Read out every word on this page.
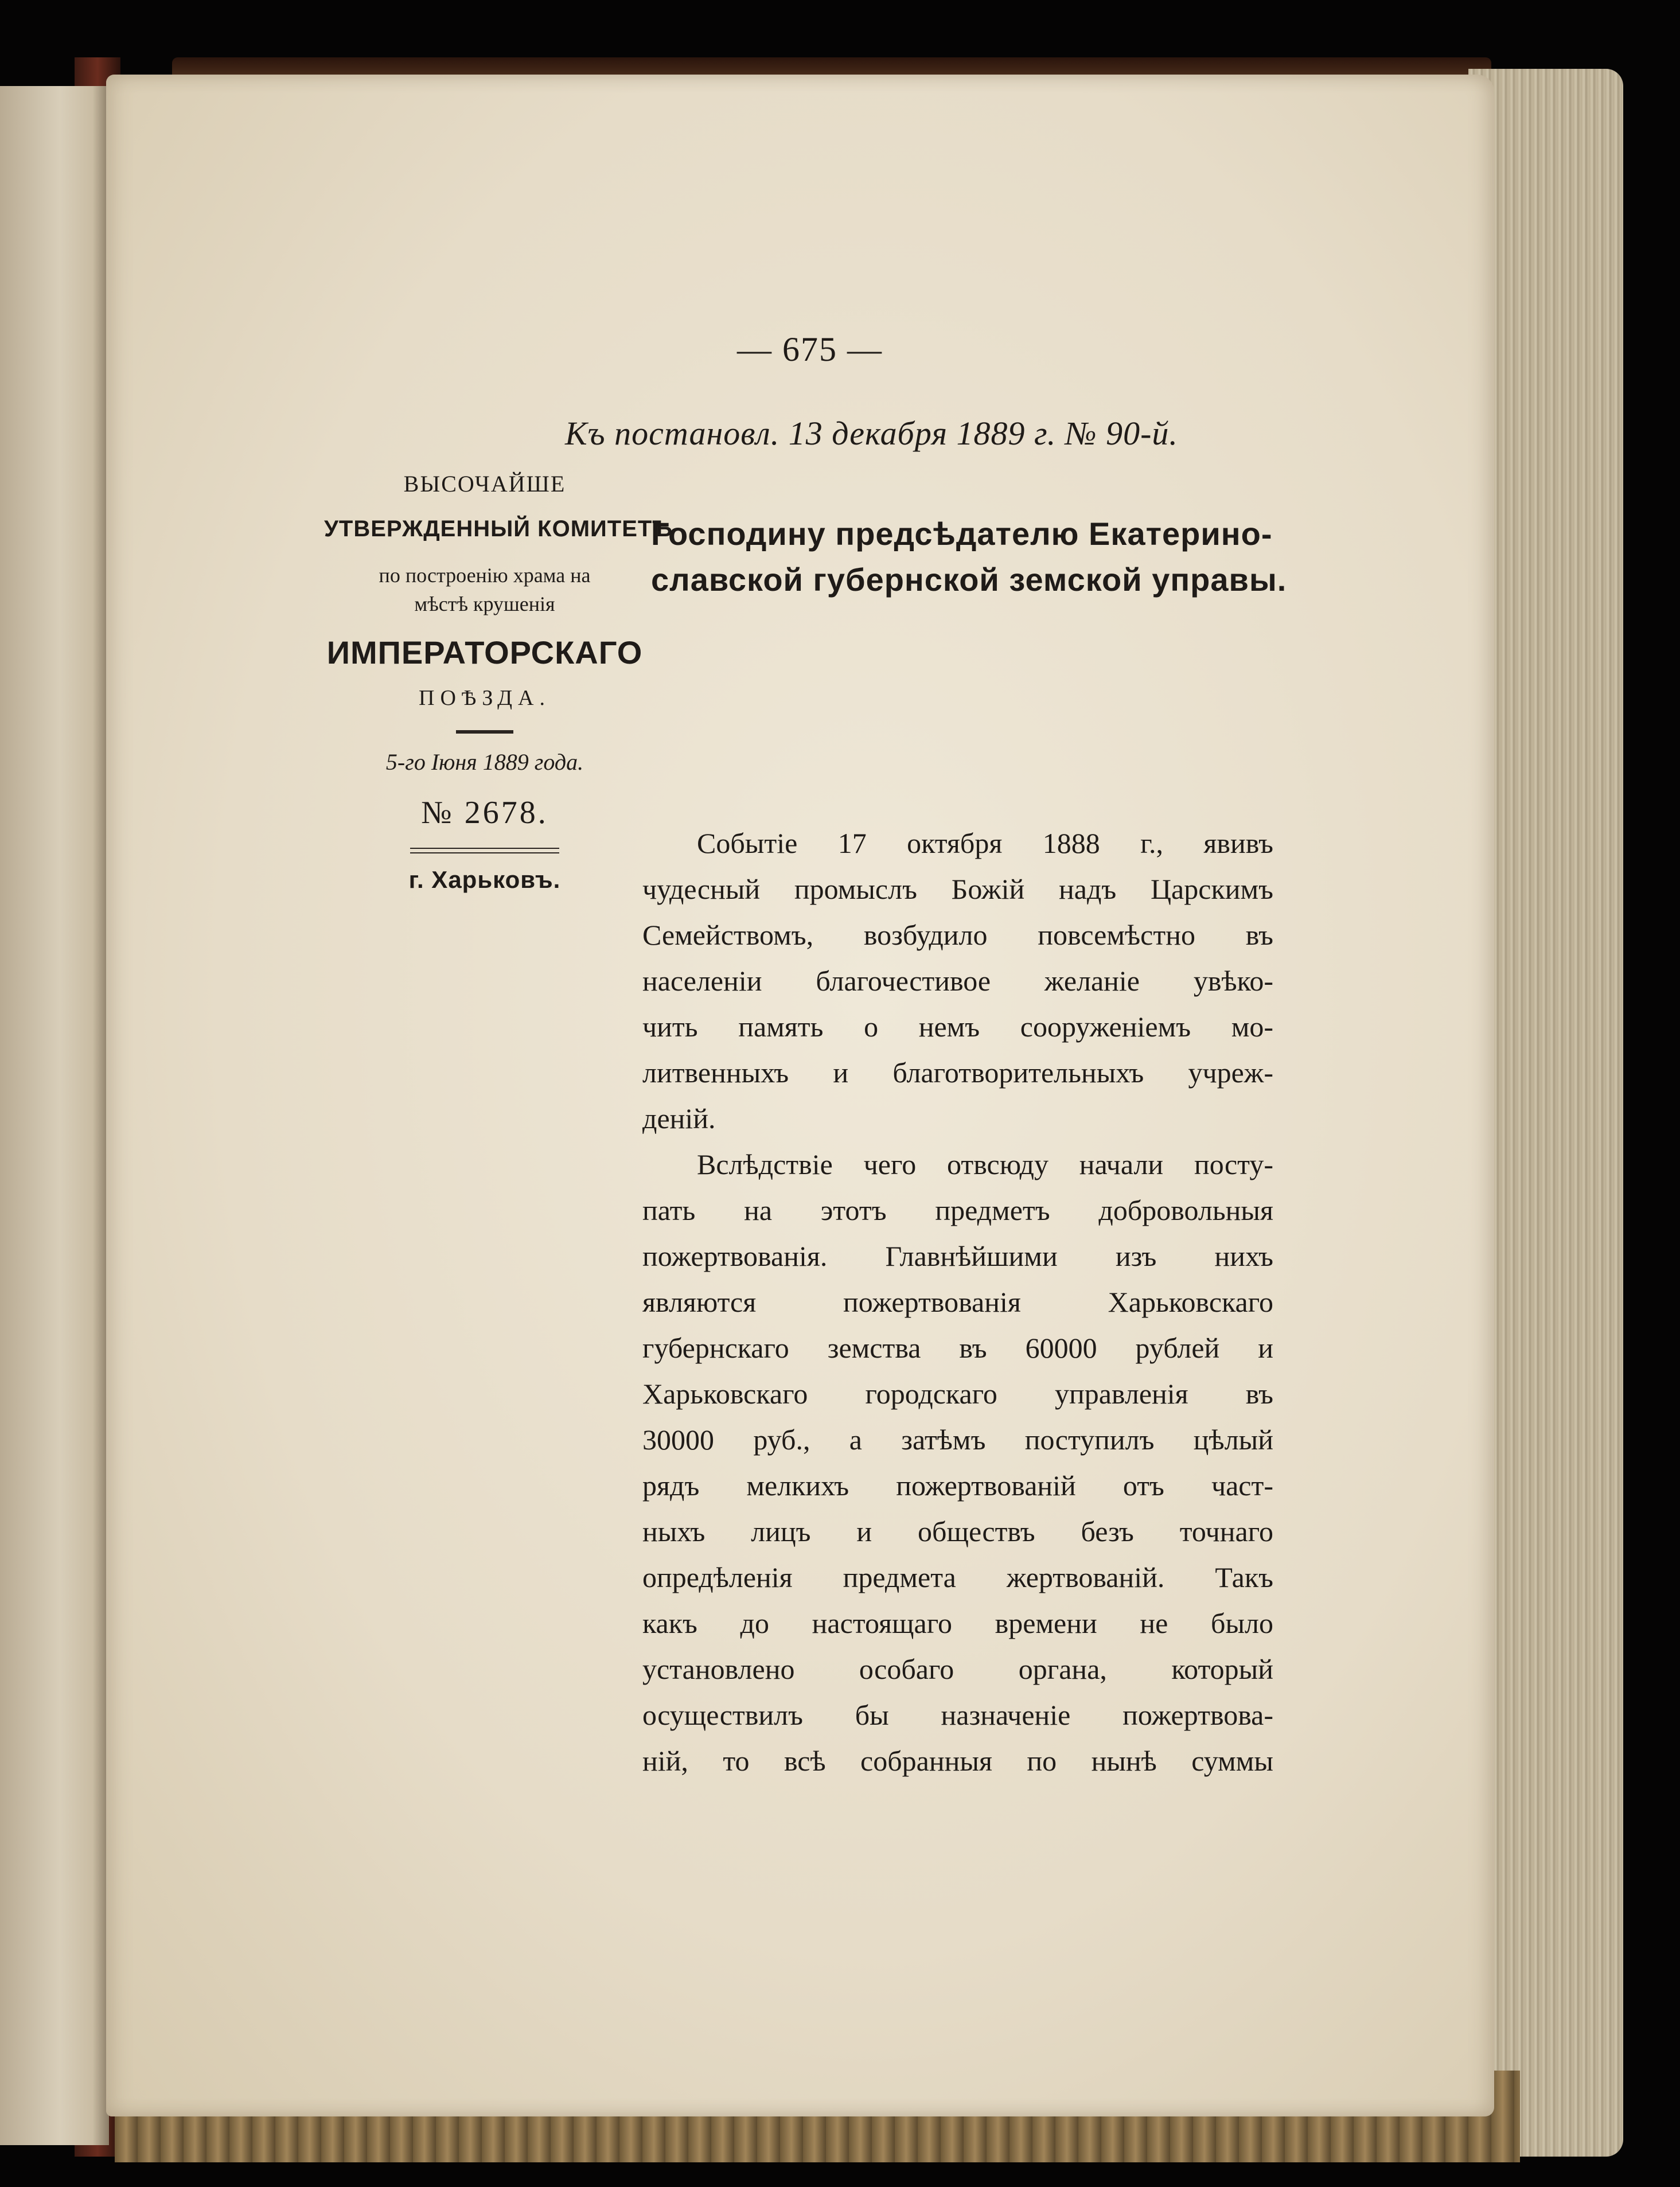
— 675 —
Къ постановл. 13 декабря 1889 г. № 90-й.
ВЫСОЧАЙШЕ
УТВЕРЖДЕННЫЙ КОМИТЕТЪ
по построенію храма на
мѣстѣ крушенія
ИМПЕРАТОРСКАГО
ПОѢЗДА.
5-го Іюня 1889 года.
№ 2678.
г. Харьковъ.
Господину предсѣдателю Екатерино-
славской губернской земской управы.
Событіе 17 октября 1888 г., явивъ
чудесный промыслъ Божій надъ Царскимъ
Семействомъ, возбудило повсемѣстно въ
населеніи благочестивое желаніе увѣко-
чить память о немъ сооруженіемъ мо-
литвенныхъ и благотворительныхъ учреж-
деній.
Вслѣдствіе чего отвсюду начали посту-
пать на этотъ предметъ добровольныя
пожертвованія. Главнѣйшими изъ нихъ
являются пожертвованія Харьковскаго
губернскаго земства въ 60000 рублей и
Харьковскаго городскаго управленія въ
30000 руб., а затѣмъ поступилъ цѣлый
рядъ мелкихъ пожертвованій отъ част-
ныхъ лицъ и обществъ безъ точнаго
опредѣленія предмета жертвованій. Такъ
какъ до настоящаго времени не было
установлено особаго органа, который
осуществилъ бы назначеніе пожертвова-
ній, то всѣ собранныя по нынѣ суммы
